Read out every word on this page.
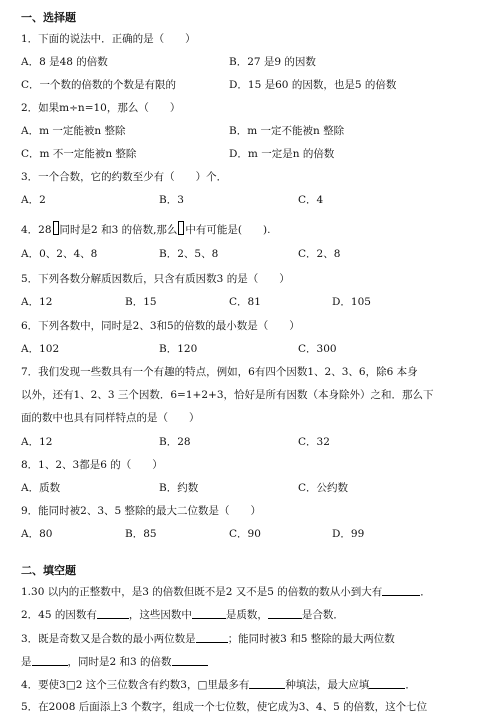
一、选择题
1．下面的说法中．正确的是（　　）
A．8 是48 的倍数	B．27 是9 的因数
C．一个数的倍数的个数是有限的	D．15 是60 的因数，也是5 的倍数
2．如果m÷n=10，那么（　　）
A．m 一定能被n 整除	B．m 一定不能被n 整除
C．m 不一定能被n 整除	D．m 一定是n 的倍数
3．一个合数，它的约数至少有（　　）个．
A．2	B．3	C．4
4．28 同时是2 和3 的倍数,那么 中有可能是(　　).
A．0、2、4、8	B．2、5、8	C．2、8
5．下列各数分解质因数后，只含有质因数3 的是（　　）
A．12	B．15	C．81	D．105
6．下列各数中，同时是2、3和5的倍数的最小数是（　　）
A．102	B．120	C．300
7．我们发现一些数具有一个有趣的特点，例如，6有四个因数1、2、3、6，除6 本身
以外，还有1、2、3 三个因数．6=1+2+3，恰好是所有因数（本身除外）之和．那么下
面的数中也具有同样特点的是（　　）
A．12	B．28	C．32
8．1、2、3都是6 的（　　）
A．质数	B．约数	C．公约数
9．能同时被2、3、5 整除的最大二位数是（　　）
A．80	B．85	C．90	D．99
二、填空题
1.30 以内的正整数中，是3 的倍数但既不是2 又不是5 的倍数的数从小到大有	．
2．45 的因数有	，这些因数中	是质数，	是合数．
3．既是奇数又是合数的最小两位数是	；能同时被3 和5 整除的最大两位数
是	，同时是2 和3 的倍数
4．要使3□2 这个三位数含有约数3，□里最多有	种填法，最大应填	．
5．在2008 后面添上3 个数字，组成一个七位数，使它成为3、4、5 的倍数，这个七位
